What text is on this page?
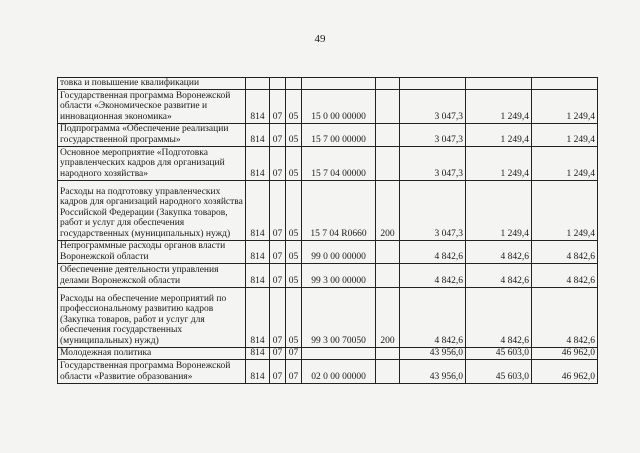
49
товка и повышение квалификации								
Государственная программа Воронежской области «Экономическое развитие и инновационная экономика»	814	07	05	15 0 00 00000		3 047,3	1 249,4	1 249,4
Подпрограмма «Обеспечение реализации государственной программы»	814	07	05	15 7 00 00000		3 047,3	1 249,4	1 249,4
Основное мероприятие «Подготовка управленческих кадров для организаций народного хозяйства»	814	07	05	15 7 04 00000		3 047,3	1 249,4	1 249,4
Расходы на подготовку управленческих кадров для организаций народного хозяйства Российской Федерации (Закупка товаров, работ и услуг для обеспечения государственных (муниципальных) нужд)	814	07	05	15 7 04 R0660	200	3 047,3	1 249,4	1 249,4
Непрограммные расходы органов власти Воронежской области	814	07	05	99 0 00 00000		4 842,6	4 842,6	4 842,6
Обеспечение деятельности управления делами Воронежской области	814	07	05	99 3 00 00000		4 842,6	4 842,6	4 842,6
Расходы на обеспечение мероприятий по профессиональному развитию кадров (Закупка товаров, работ и услуг для обеспечения государственных (муниципальных) нужд)	814	07	05	99 3 00 70050	200	4 842,6	4 842,6	4 842,6
Молодежная политика	814	07	07			43 956,0	45 603,0	46 962,0
Государственная программа Воронежской области «Развитие образования»	814	07	07	02 0 00 00000		43 956,0	45 603,0	46 962,0
